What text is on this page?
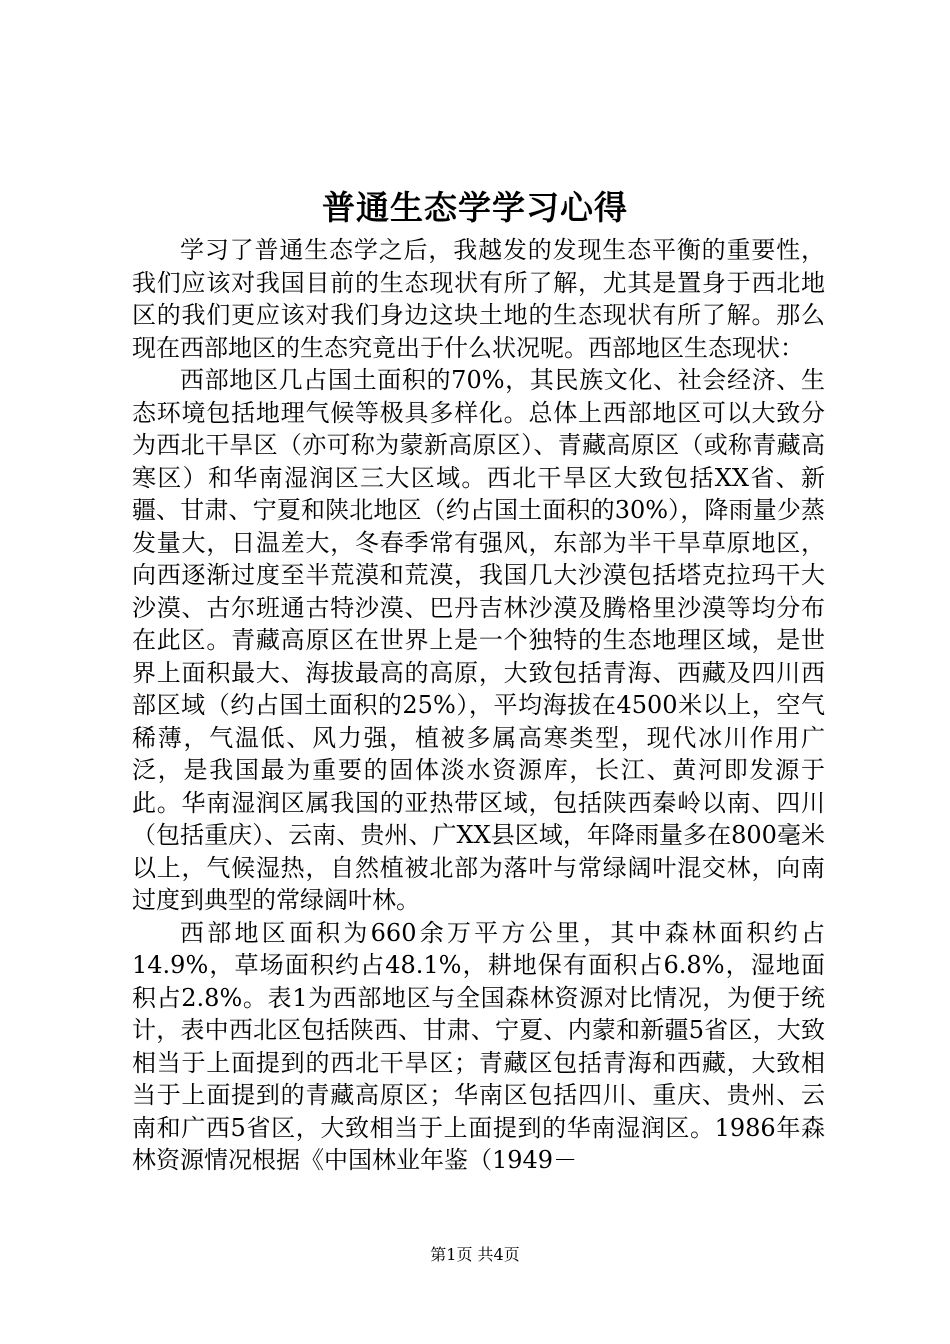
普通生态学学习心得

学习了普通生态学之后，我越发的发现生态平衡的重要性，我们应该对我国目前的生态现状有所了解，尤其是置身于西北地区的我们更应该对我们身边这块土地的生态现状有所了解。那么现在西部地区的生态究竟出于什么状况呢。西部地区生态现状：

西部地区几占国土面积的70%，其民族文化、社会经济、生态环境包括地理气候等极具多样化。总体上西部地区可以大致分为西北干旱区（亦可称为蒙新高原区）、青藏高原区（或称青藏高寒区）和华南湿润区三大区域。西北干旱区大致包括XX省、新疆、甘肃、宁夏和陕北地区（约占国土面积的30%），降雨量少蒸发量大，日温差大，冬春季常有强风，东部为半干旱草原地区，向西逐渐过度至半荒漠和荒漠，我国几大沙漠包括塔克拉玛干大沙漠、古尔班通古特沙漠、巴丹吉林沙漠及腾格里沙漠等均分布在此区。青藏高原区在世界上是一个独特的生态地理区域，是世界上面积最大、海拔最高的高原，大致包括青海、西藏及四川西部区域（约占国土面积的25%），平均海拔在4500米以上，空气稀薄，气温低、风力强，植被多属高寒类型，现代冰川作用广泛，是我国最为重要的固体淡水资源库，长江、黄河即发源于此。华南湿润区属我国的亚热带区域，包括陕西秦岭以南、四川（包括重庆）、云南、贵州、广XX县区域，年降雨量多在800毫米以上，气候湿热，自然植被北部为落叶与常绿阔叶混交林，向南过度到典型的常绿阔叶林。

西部地区面积为660余万平方公里，其中森林面积约占14.9%，草场面积约占48.1%，耕地保有面积占6.8%，湿地面积占2.8%。表1为西部地区与全国森林资源对比情况，为便于统计，表中西北区包括陕西、甘肃、宁夏、内蒙和新疆5省区，大致相当于上面提到的西北干旱区；青藏区包括青海和西藏，大致相当于上面提到的青藏高原区；华南区包括四川、重庆、贵州、云南和广西5省区，大致相当于上面提到的华南湿润区。1986年森林资源情况根据《中国林业年鉴（1949－

第1页 共4页
